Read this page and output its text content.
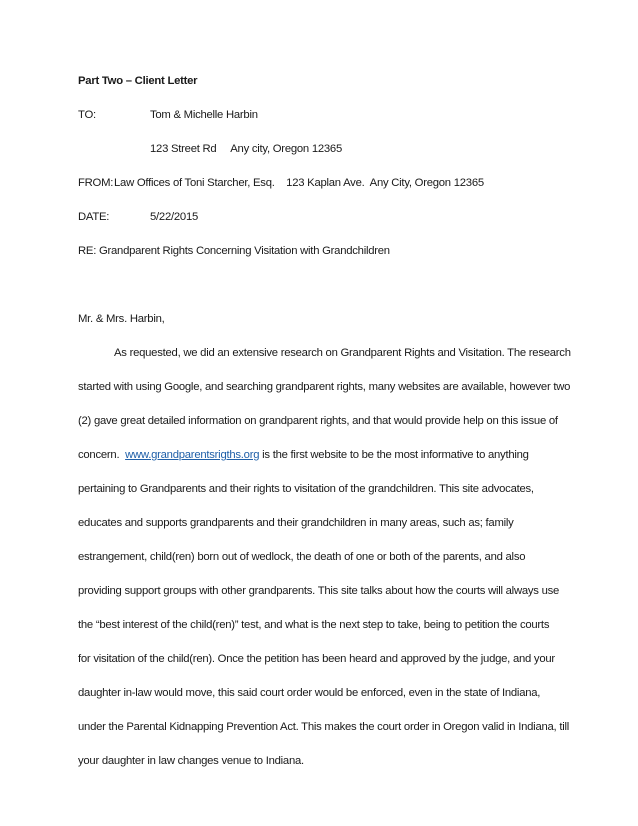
Part Two – Client Letter
TO:	Tom & Michelle Harbin
123 Street Rd     Any city, Oregon 12365
FROM: Law Offices of Toni Starcher, Esq.    123 Kaplan Ave.  Any City, Oregon 12365
DATE:	5/22/2015
RE: Grandparent Rights Concerning Visitation with Grandchildren
Mr. & Mrs. Harbin,
As requested, we did an extensive research on Grandparent Rights and Visitation. The research
started with using Google, and searching grandparent rights, many websites are available, however two
(2) gave great detailed information on grandparent rights, and that would provide help on this issue of
concern.  www.grandparentsrigths.org is the first website to be the most informative to anything
pertaining to Grandparents and their rights to visitation of the grandchildren. This site advocates,
educates and supports grandparents and their grandchildren in many areas, such as; family
estrangement, child(ren) born out of wedlock, the death of one or both of the parents, and also
providing support groups with other grandparents. This site talks about how the courts will always use
the “best interest of the child(ren)” test, and what is the next step to take, being to petition the courts
for visitation of the child(ren). Once the petition has been heard and approved by the judge, and your
daughter in-law would move, this said court order would be enforced, even in the state of Indiana,
under the Parental Kidnapping Prevention Act. This makes the court order in Oregon valid in Indiana, till
your daughter in law changes venue to Indiana.
